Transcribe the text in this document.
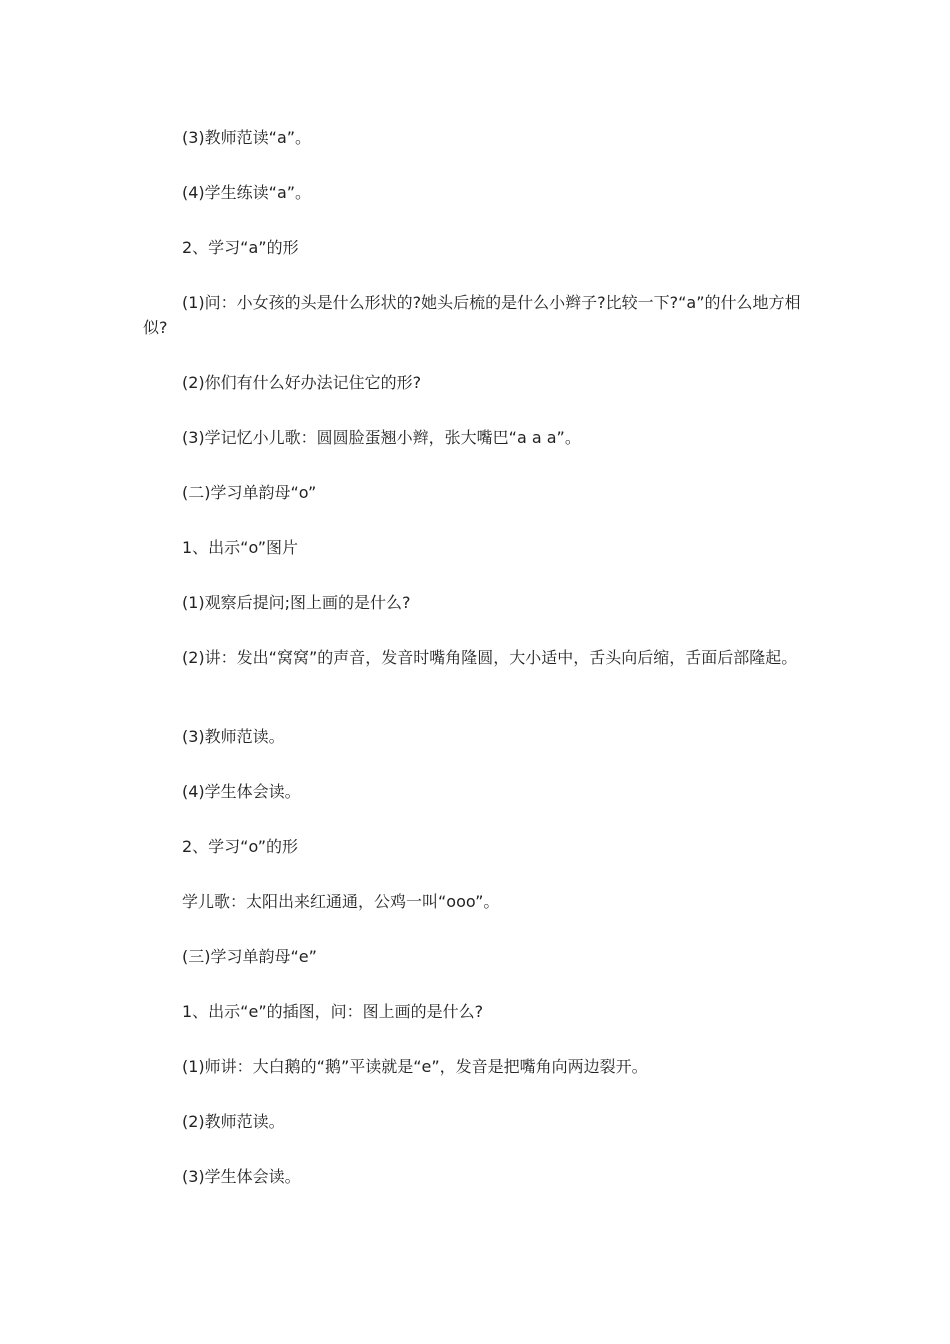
(3)教师范读“a”。

(4)学生练读“a”。

2、学习“a”的形

(1)问：小女孩的头是什么形状的?她头后梳的是什么小辫子?比较一下?“a”的什么地方相似?

(2)你们有什么好办法记住它的形?

(3)学记忆小儿歌：圆圆脸蛋翘小辫，张大嘴巴“a a a”。

(二)学习单韵母“o”

1、出示“o”图片

(1)观察后提问;图上画的是什么?

(2)讲：发出“窝窝”的声音，发音时嘴角隆圆，大小适中，舌头向后缩，舌面后部隆起。

(3)教师范读。

(4)学生体会读。

2、学习“o”的形

学儿歌：太阳出来红通通，公鸡一叫“ooo”。

(三)学习单韵母“e”

1、出示“e”的插图，问：图上画的是什么?

(1)师讲：大白鹅的“鹅”平读就是“e”，发音是把嘴角向两边裂开。

(2)教师范读。

(3)学生体会读。
